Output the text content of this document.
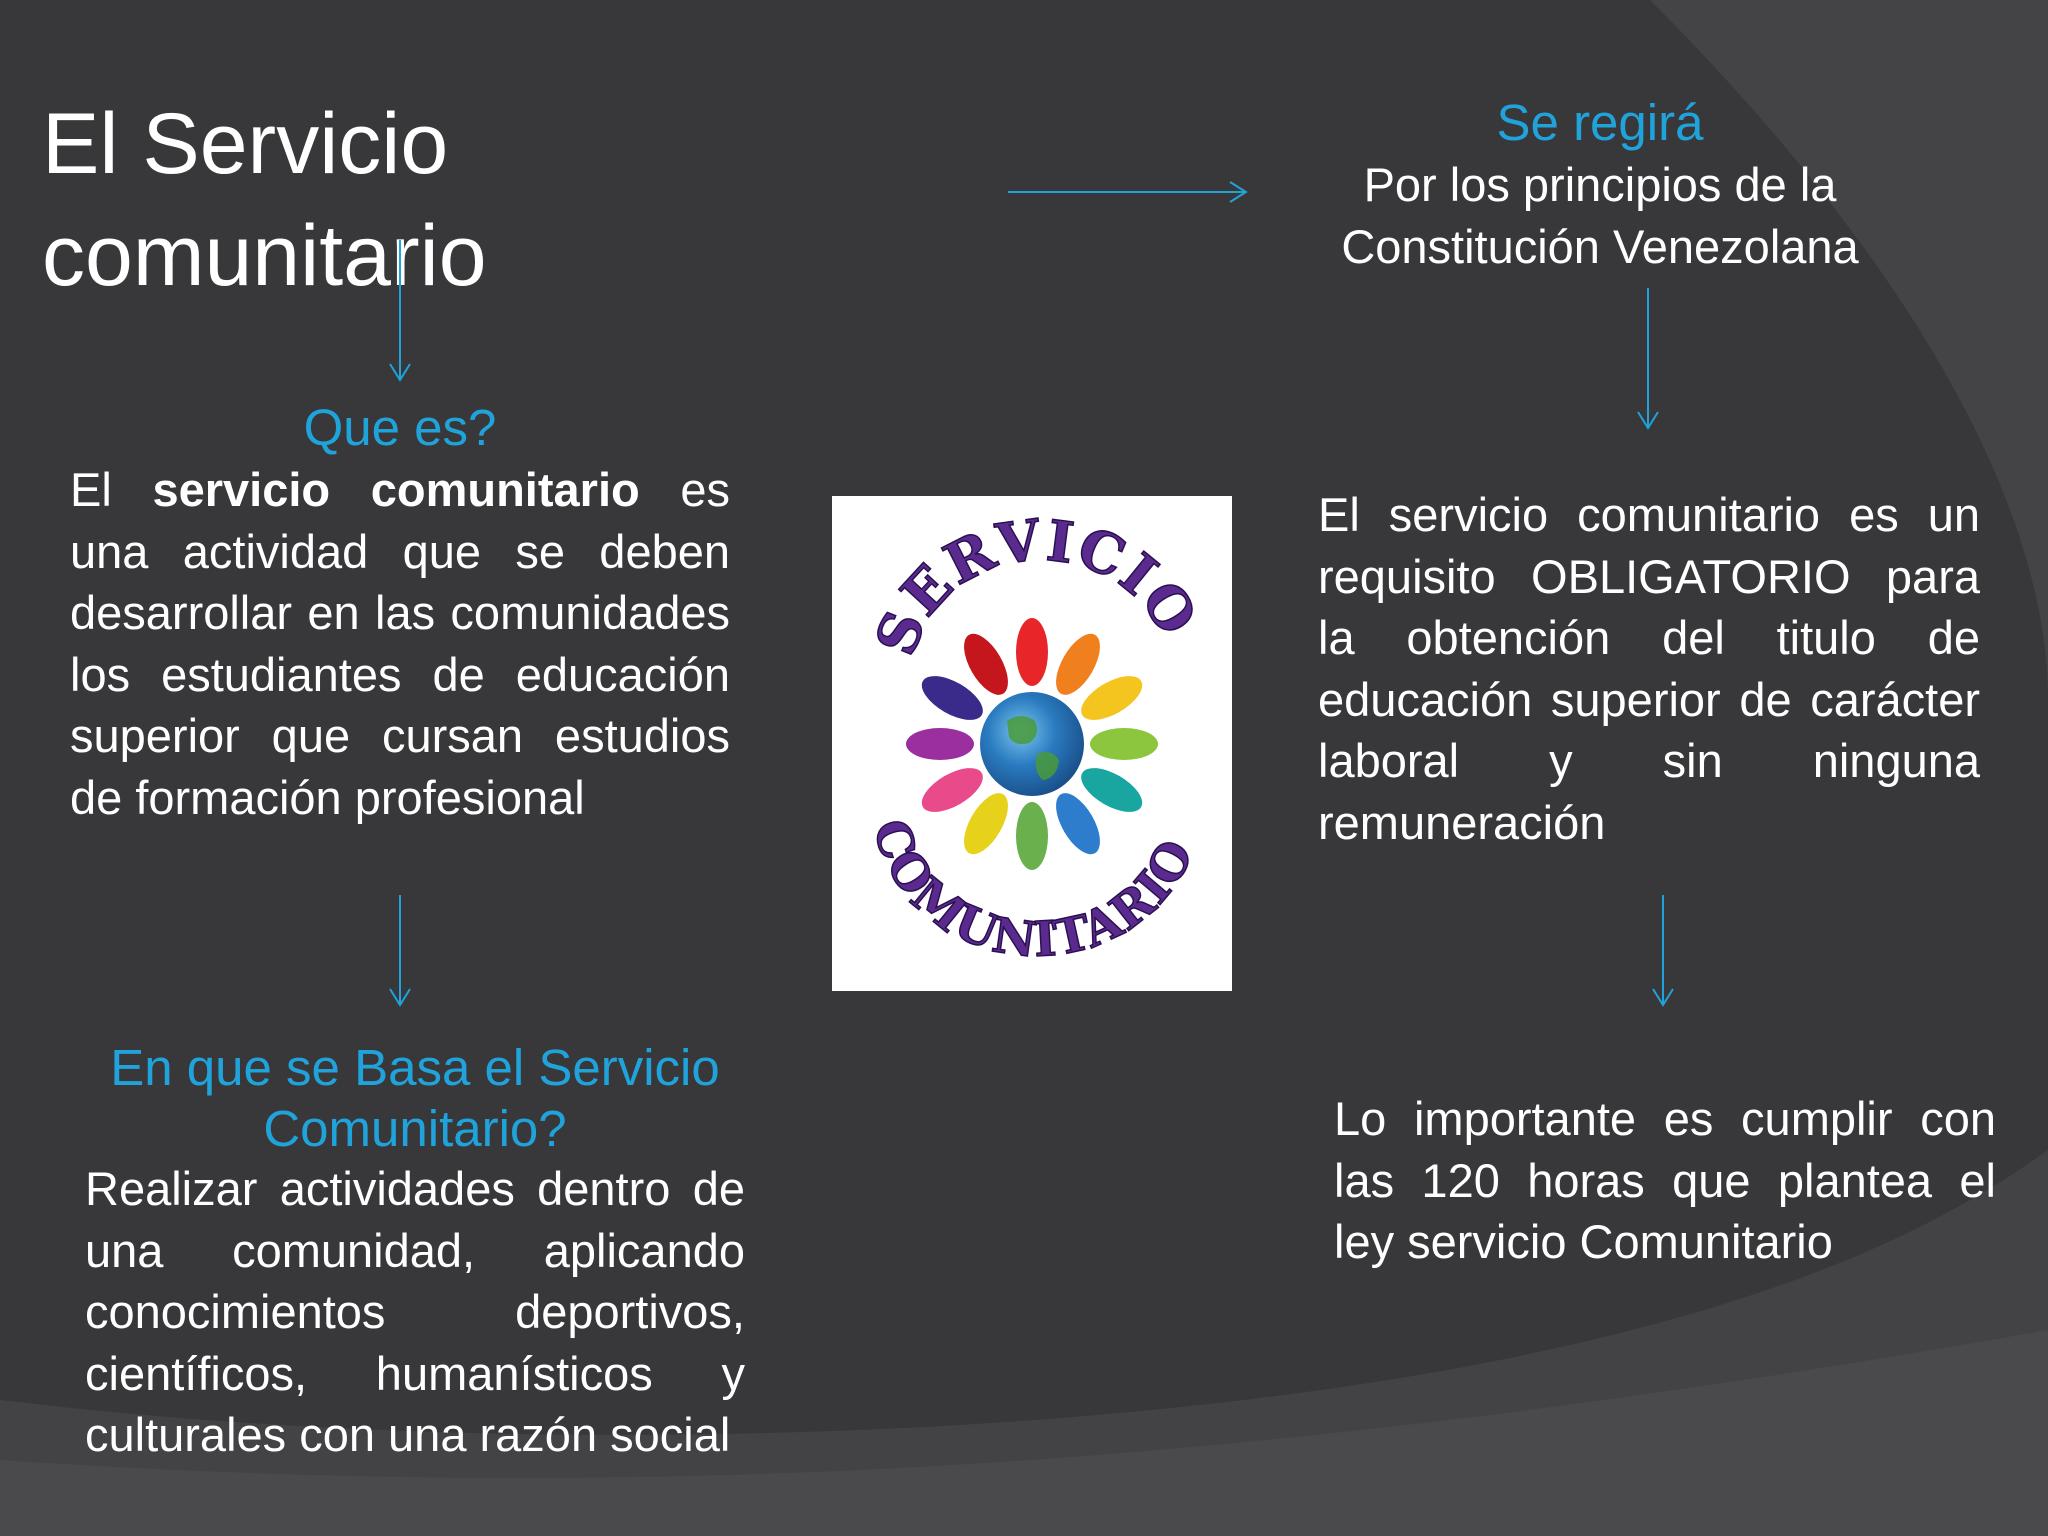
El Servicio
comunitario
Que es?
El servicio comunitario es una actividad que se deben desarrollar en las comunidades los estudiantes de educación superior que cursan estudios de formación profesional
En que se Basa el Servicio
Comunitario?
Realizar actividades dentro de una comunidad, aplicando conocimientos deportivos, científicos, humanísticos y culturales con una razón social
Se regirá
Por los principios de la
Constitución Venezolana
El servicio comunitario es un requisito OBLIGATORIO para la obtención del titulo de educación superior de carácter laboral y sin ninguna remuneración
Lo importante es cumplir con las 120 horas que plantea el ley servicio Comunitario
SERVICIO
COMUNITARIO
